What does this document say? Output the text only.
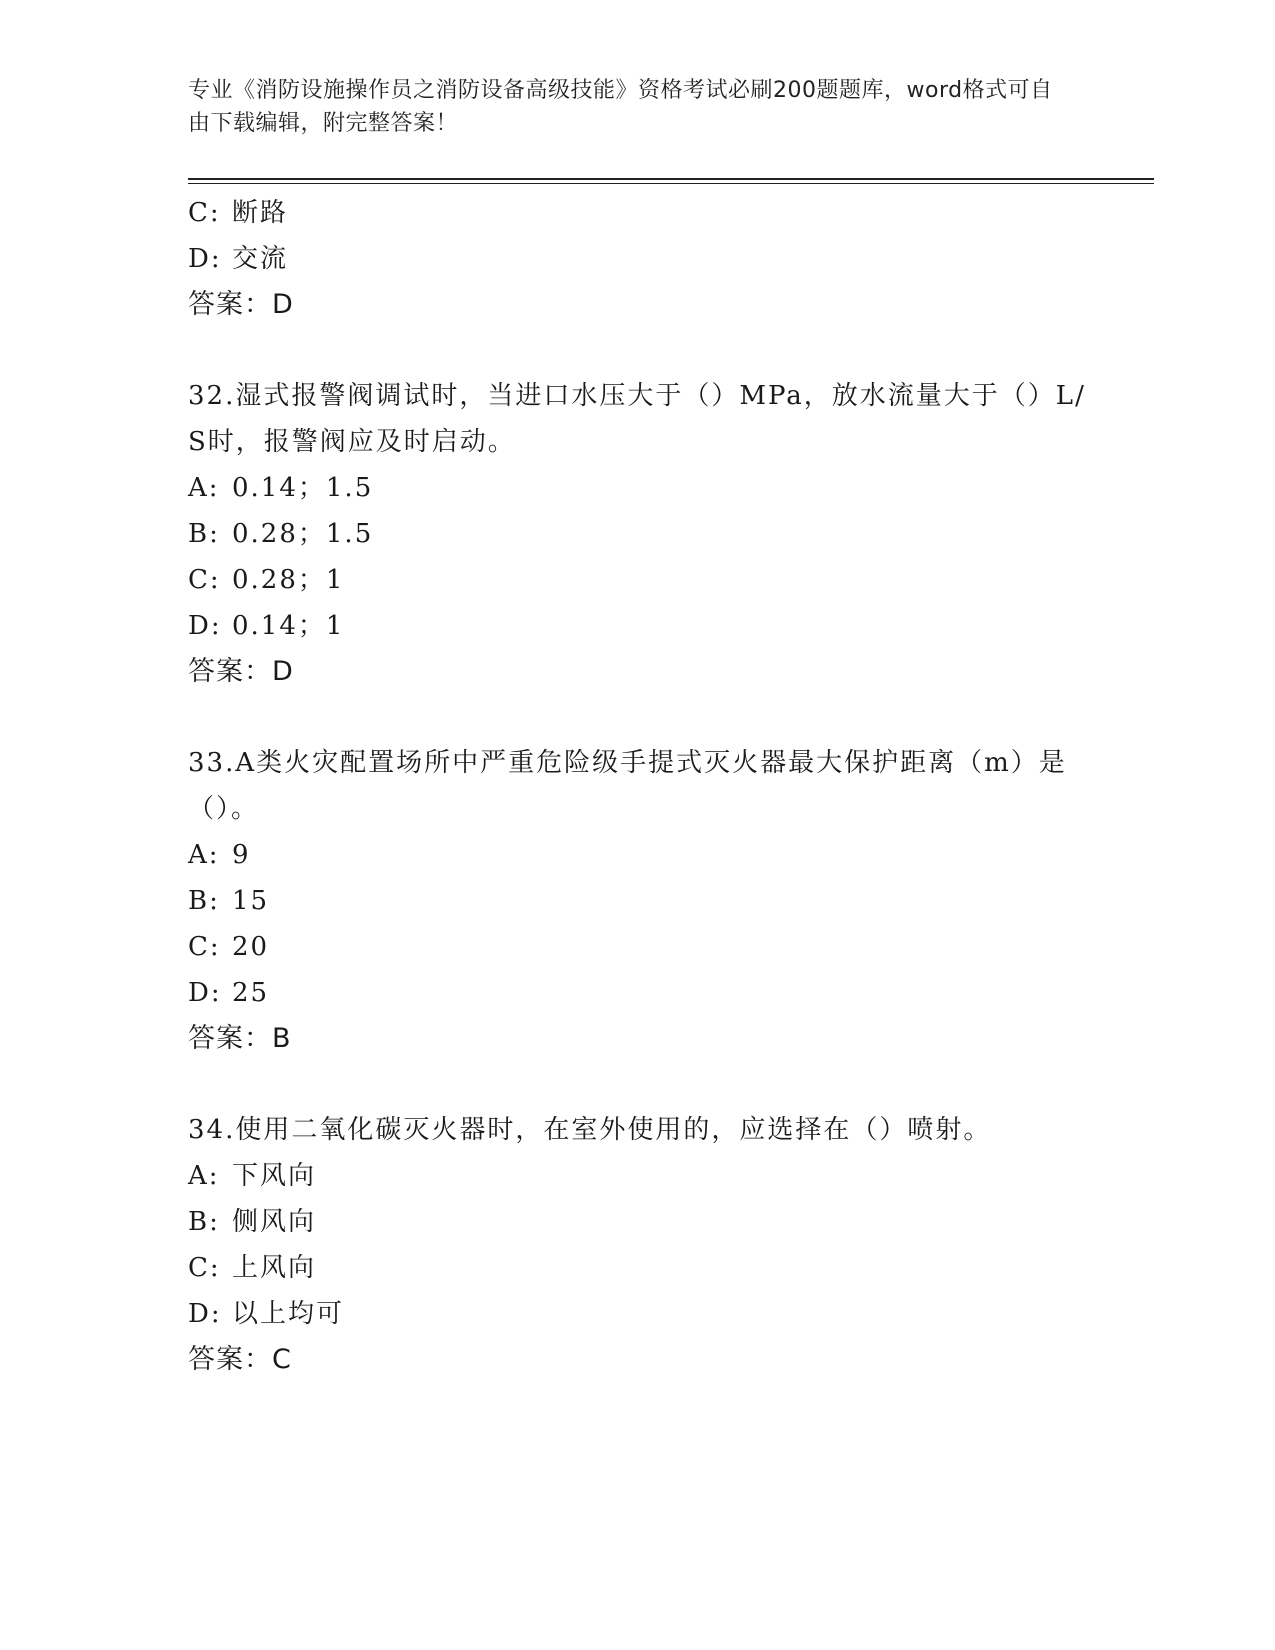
专业《消防设施操作员之消防设备高级技能》资格考试必刷200题题库，word格式可自由下载编辑，附完整答案！
C: 断路
D: 交流
答案：D
32.湿式报警阀调试时，当进口水压大于（）MPa，放水流量大于（）L/S时，报警阀应及时启动。
A: 0.14；1.5
B: 0.28；1.5
C: 0.28；1
D: 0.14；1
答案：D
33.A类火灾配置场所中严重危险级手提式灭火器最大保护距离（m）是（）。
A: 9
B: 15
C: 20
D: 25
答案：B
34.使用二氧化碳灭火器时，在室外使用的，应选择在（）喷射。
A: 下风向
B: 侧风向
C: 上风向
D: 以上均可
答案：C
